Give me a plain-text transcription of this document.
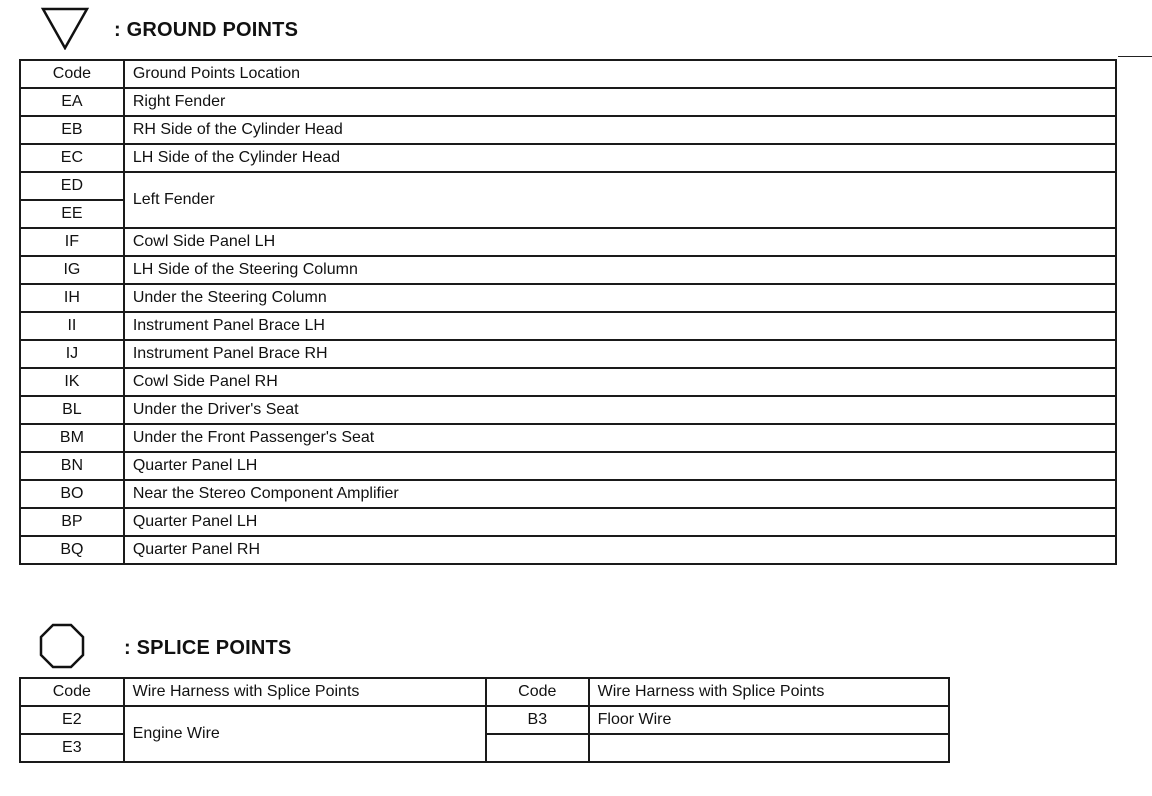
: GROUND POINTS
Code	Ground Points Location
EA	Right Fender
EB	RH Side of the Cylinder Head
EC	LH Side of the Cylinder Head
ED	Left Fender
EE	
IF	Cowl Side Panel LH
IG	LH Side of the Steering Column
IH	Under the Steering Column
II	Instrument Panel Brace LH
IJ	Instrument Panel Brace RH
IK	Cowl Side Panel RH
BL	Under the Driver's Seat
BM	Under the Front Passenger's Seat
BN	Quarter Panel LH
BO	Near the Stereo Component Amplifier
BP	Quarter Panel LH
BQ	Quarter Panel RH
: SPLICE POINTS
Code	Wire Harness with Splice Points	Code	Wire Harness with Splice Points
E2	Engine Wire	B3	Floor Wire
E3			
